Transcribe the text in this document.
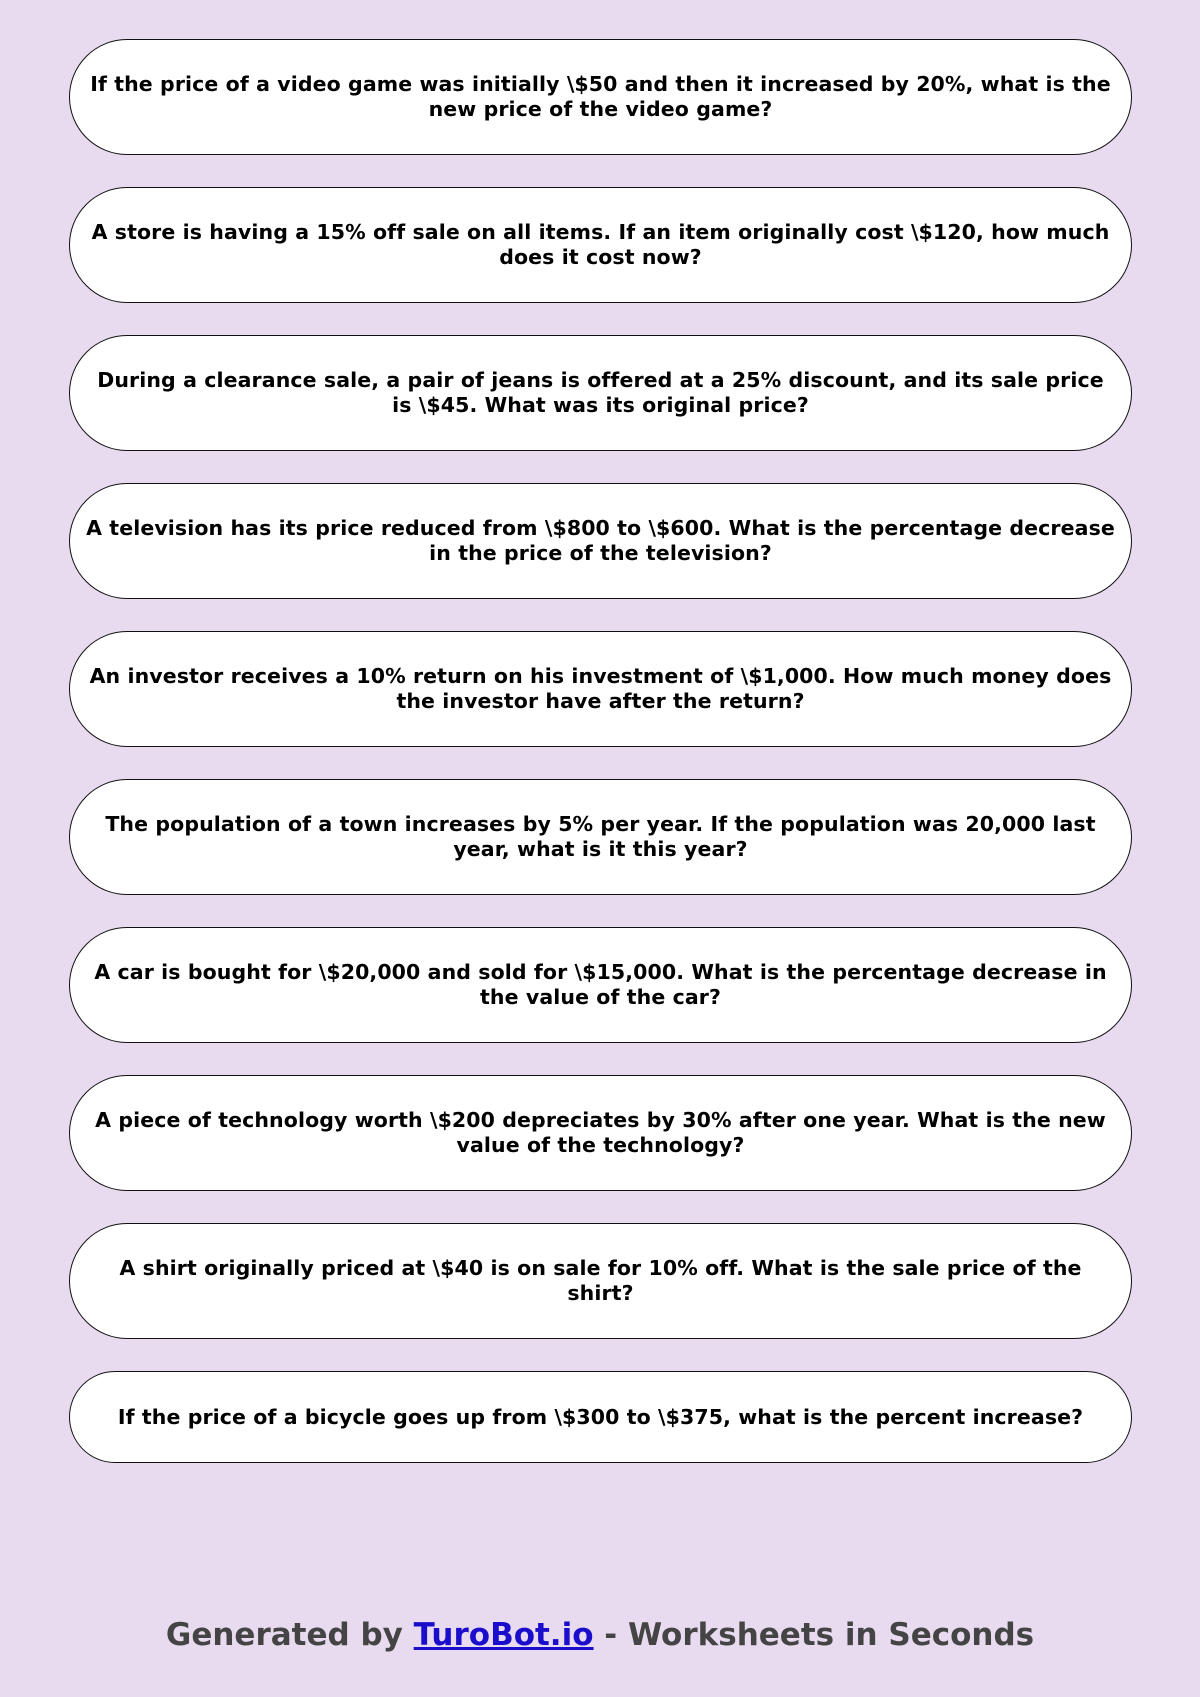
If the price of a video game was initially \$50 and then it increased by 20%, what is the new price of the video game?
A store is having a 15% off sale on all items. If an item originally cost \$120, how much does it cost now?
During a clearance sale, a pair of jeans is offered at a 25% discount, and its sale price is \$45. What was its original price?
A television has its price reduced from \$800 to \$600. What is the percentage decrease in the price of the television?
An investor receives a 10% return on his investment of \$1,000. How much money does the investor have after the return?
The population of a town increases by 5% per year. If the population was 20,000 last year, what is it this year?
A car is bought for \$20,000 and sold for \$15,000. What is the percentage decrease in the value of the car?
A piece of technology worth \$200 depreciates by 30% after one year. What is the new value of the technology?
A shirt originally priced at \$40 is on sale for 10% off. What is the sale price of the shirt?
If the price of a bicycle goes up from \$300 to \$375, what is the percent increase?
Generated by TuroBot.io - Worksheets in Seconds
